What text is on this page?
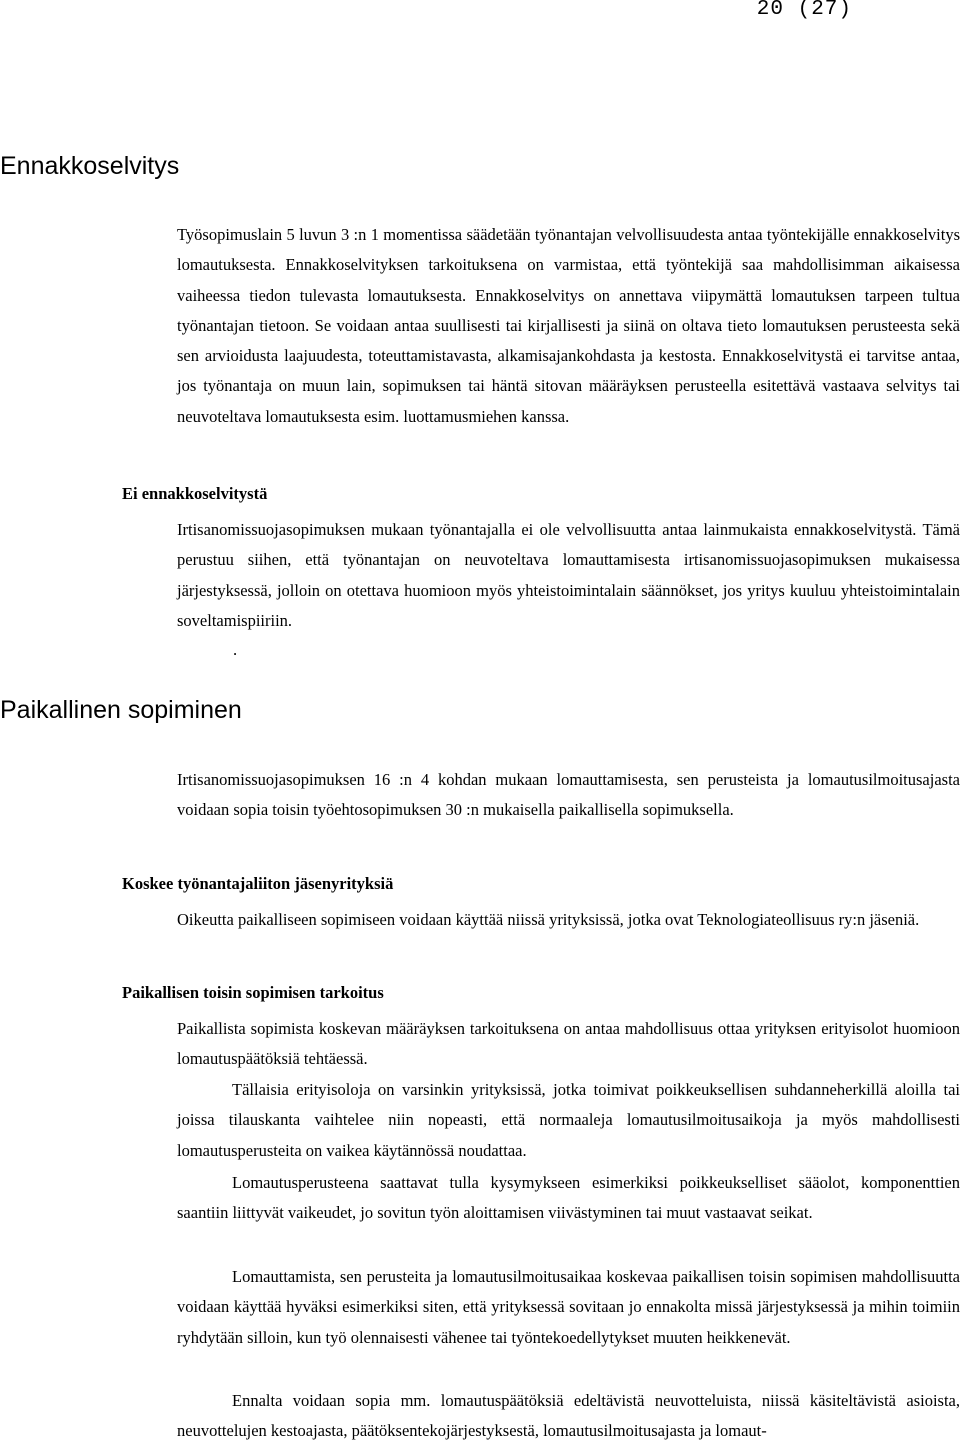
20 (27)
Ennakkoselvitys

Työsopimuslain 5 luvun 3 :n 1 momentissa säädetään työnantajan velvollisuudesta antaa työntekijälle ennakkoselvitys lomautuksesta. Ennakkoselvityksen tarkoituksena on varmistaa, että työntekijä saa mahdollisimman aikaisessa vaiheessa tiedon tulevasta lomautuksesta. Ennakkoselvitys on annettava viipymättä lomautuksen tarpeen tultua työnantajan tietoon. Se voidaan antaa suullisesti tai kirjallisesti ja siinä on oltava tieto lomautuksen perusteesta sekä sen arvioidusta laajuudesta, toteuttamistavasta, alkamisajankohdasta ja kestosta. Ennakkoselvitystä ei tarvitse antaa, jos työnantaja on muun lain, sopimuksen tai häntä sitovan määräyksen perusteella esitettävä vastaava selvitys tai neuvoteltava lomautuksesta esim. luottamusmiehen kanssa.

Ei ennakkoselvitystä

Irtisanomissuojasopimuksen mukaan työnantajalla ei ole velvollisuutta antaa lainmukaista ennakkoselvitystä. Tämä perustuu siihen, että työnantajan on neuvoteltava lomauttamisesta irtisanomissuojasopimuksen mukaisessa järjestyksessä, jolloin on otettava huomioon myös yhteistoimintalain säännökset, jos yritys kuuluu yhteistoimintalain soveltamispiiriin.

.
Paikallinen sopiminen

Irtisanomissuojasopimuksen 16 :n 4 kohdan mukaan lomauttamisesta, sen perusteista ja lomautusilmoitusajasta voidaan sopia toisin työehtosopimuksen 30 :n mukaisella paikallisella sopimuksella.

Koskee työnantajaliiton jäsenyrityksiä

Oikeutta paikalliseen sopimiseen voidaan käyttää niissä yrityksissä, jotka ovat Teknologiateollisuus ry:n jäseniä.

Paikallisen toisin sopimisen tarkoitus

Paikallista sopimista koskevan määräyksen tarkoituksena on antaa mahdollisuus ottaa yrityksen erityisolot huomioon lomautuspäätöksiä tehtäessä.

Tällaisia erityisoloja on varsinkin yrityksissä, jotka toimivat poikkeuksellisen suhdanneherkillä aloilla tai joissa tilauskanta vaihtelee niin nopeasti, että normaaleja lomautusilmoitusaikoja ja myös mahdollisesti lomautusperusteita on vaikea käytännössä noudattaa.

Lomautusperusteena saattavat tulla kysymykseen esimerkiksi poikkeukselliset sääolot, komponenttien saantiin liittyvät vaikeudet, jo sovitun työn aloittamisen viivästyminen tai muut vastaavat seikat.

Lomauttamista, sen perusteita ja lomautusilmoitusaikaa koskevaa paikallisen toisin sopimisen mahdollisuutta voidaan käyttää hyväksi esimerkiksi siten, että yrityksessä sovitaan jo ennakolta missä järjestyksessä ja mihin toimiin ryhdytään silloin, kun työ olennaisesti vähenee tai työntekoedellytykset muuten heikkenevät.

Ennalta voidaan sopia mm. lomautuspäätöksiä edeltävistä neuvotteluista, niissä käsiteltävistä asioista, neuvottelujen kestoajasta, päätöksentekojärjestyksestä, lomautusilmoitusajasta ja lomaut-
